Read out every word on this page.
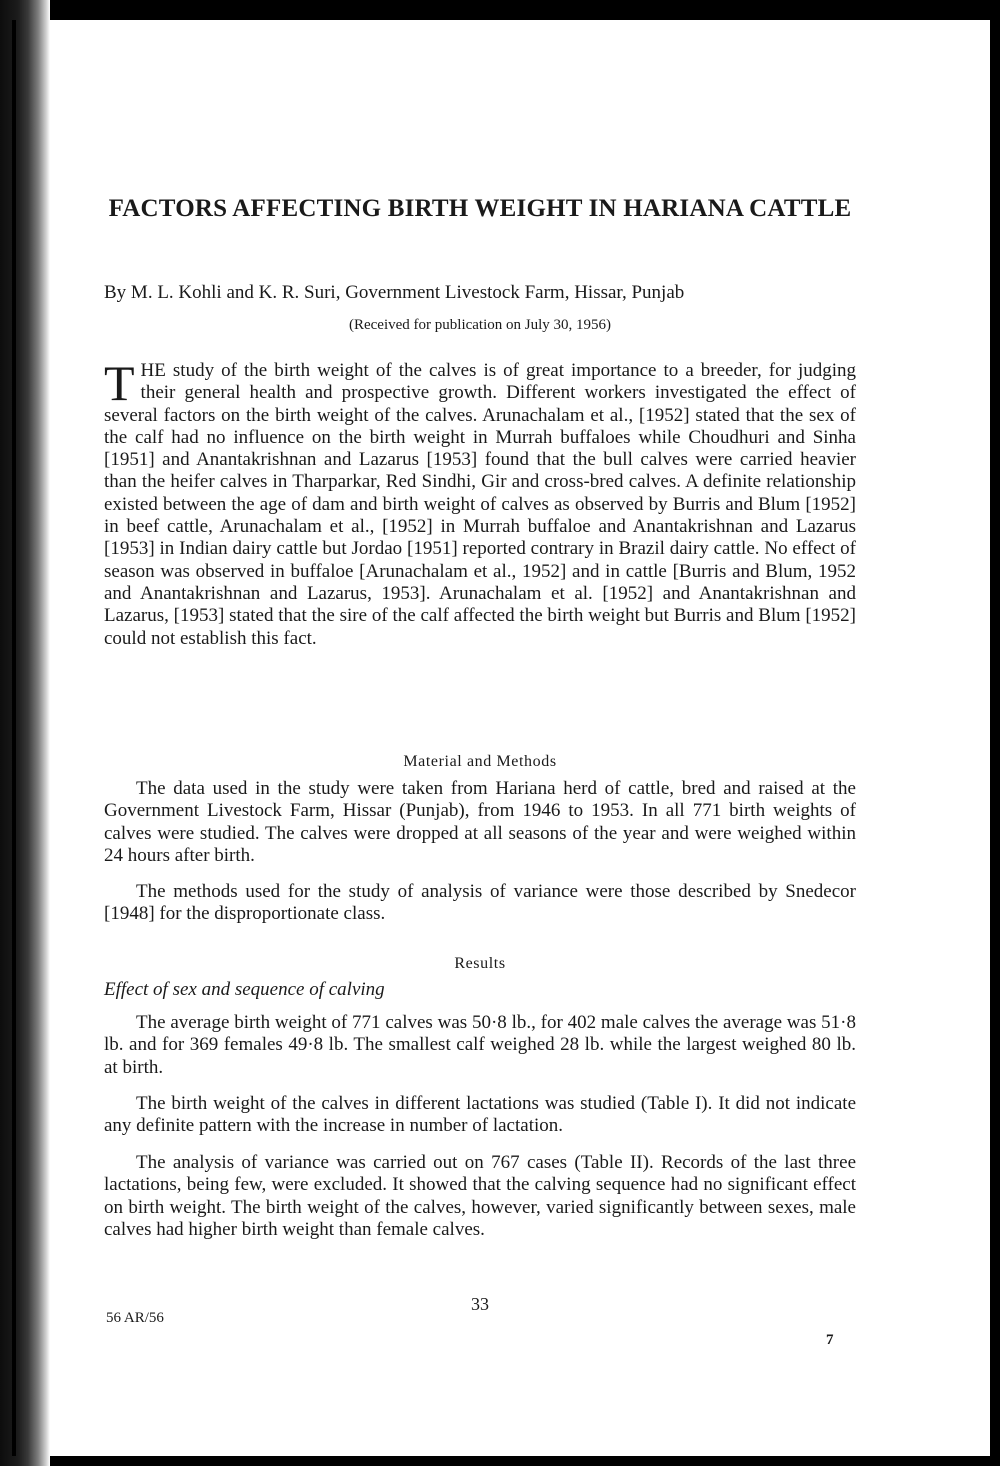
FACTORS AFFECTING BIRTH WEIGHT IN HARIANA CATTLE
By M. L. Kohli and K. R. Suri, Government Livestock Farm, Hissar, Punjab
(Received for publication on July 30, 1956)

THE study of the birth weight of the calves is of great importance to a breeder, for judging their general health and prospective growth. Different workers investigated the effect of several factors on the birth weight of the calves. Arunachalam et al., [1952] stated that the sex of the calf had no influence on the birth weight in Murrah buffaloes while Choudhuri and Sinha [1951] and Anantakrishnan and Lazarus [1953] found that the bull calves were carried heavier than the heifer calves in Tharparkar, Red Sindhi, Gir and cross-bred calves. A definite relationship existed between the age of dam and birth weight of calves as observed by Burris and Blum [1952] in beef cattle, Arunachalam et al., [1952] in Murrah buffaloe and Anantakrishnan and Lazarus [1953] in Indian dairy cattle but Jordao [1951] reported contrary in Brazil dairy cattle. No effect of season was observed in buffaloe [Arunachalam et al., 1952] and in cattle [Burris and Blum, 1952 and Anantakrishnan and Lazarus, 1953]. Arunachalam et al. [1952] and Anantakrishnan and Lazarus, [1953] stated that the sire of the calf affected the birth weight but Burris and Blum [1952] could not establish this fact.

Material and Methods

The data used in the study were taken from Hariana herd of cattle, bred and raised at the Government Livestock Farm, Hissar (Punjab), from 1946 to 1953. In all 771 birth weights of calves were studied. The calves were dropped at all seasons of the year and were weighed within 24 hours after birth.

The methods used for the study of analysis of variance were those described by Snedecor [1948] for the disproportionate class.

Results
Effect of sex and sequence of calving

The average birth weight of 771 calves was 50·8 lb., for 402 male calves the average was 51·8 lb. and for 369 females 49·8 lb. The smallest calf weighed 28 lb. while the largest weighed 80 lb. at birth.

The birth weight of the calves in different lactations was studied (Table I). It did not indicate any definite pattern with the increase in number of lactation.

The analysis of variance was carried out on 767 cases (Table II). Records of the last three lactations, being few, were excluded. It showed that the calving sequence had no significant effect on birth weight. The birth weight of the calves, however, varied significantly between sexes, male calves had higher birth weight than female calves.

33
56 AR/56
7
